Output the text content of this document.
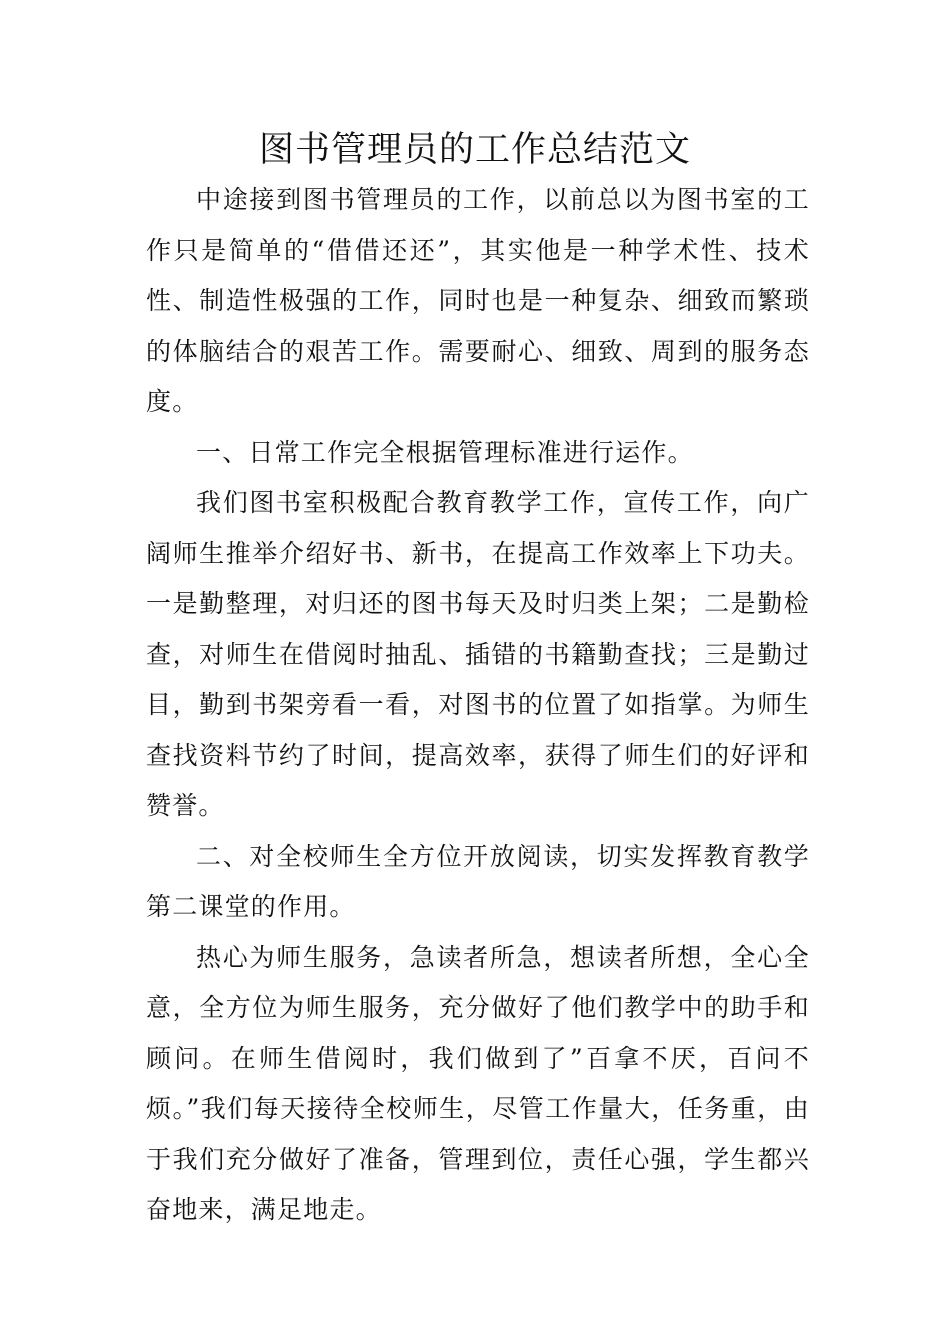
图书管理员的工作总结范文

中途接到图书管理员的工作，以前总以为图书室的工作只是简单的“借借还还”，其实他是一种学术性、技术性、制造性极强的工作，同时也是一种复杂、细致而繁琐的体脑结合的艰苦工作。需要耐心、细致、周到的服务态度。

一、日常工作完全根据管理标准进行运作。

我们图书室积极配合教育教学工作，宣传工作，向广阔师生推举介绍好书、新书，在提高工作效率上下功夫。一是勤整理，对归还的图书每天及时归类上架；二是勤检查，对师生在借阅时抽乱、插错的书籍勤查找；三是勤过目，勤到书架旁看一看，对图书的位置了如指掌。为师生查找资料节约了时间，提高效率，获得了师生们的好评和赞誉。

二、对全校师生全方位开放阅读，切实发挥教育教学第二课堂的作用。

热心为师生服务，急读者所急，想读者所想，全心全意，全方位为师生服务，充分做好了他们教学中的助手和顾问。在师生借阅时，我们做到了”百拿不厌，百问不烦。”我们每天接待全校师生，尽管工作量大，任务重，由于我们充分做好了准备，管理到位，责任心强，学生都兴奋地来，满足地走。
